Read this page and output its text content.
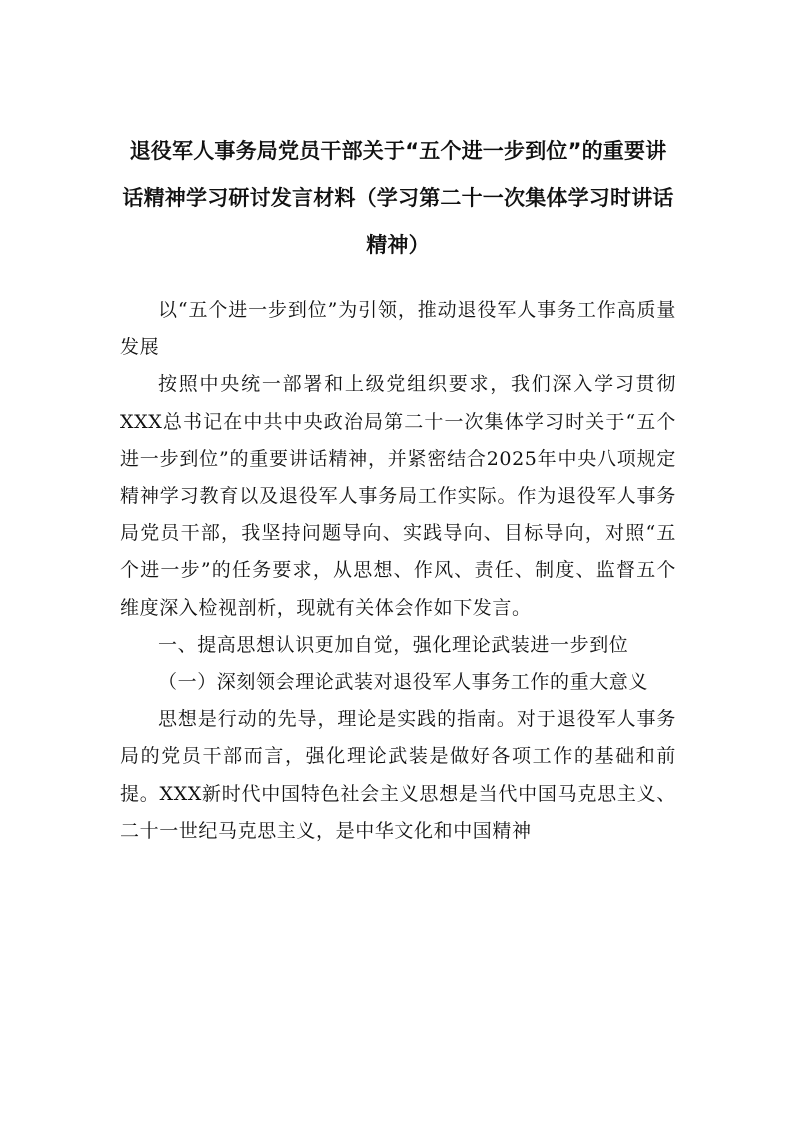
退役军人事务局党员干部关于“五个进一步到位”的重要讲
话精神学习研讨发言材料（学习第二十一次集体学习时讲话
精神）

以“五个进一步到位”为引领，推动退役军人事务工作高质量发展

按照中央统一部署和上级党组织要求，我们深入学习贯彻XXX总书记在中共中央政治局第二十一次集体学习时关于“五个进一步到位”的重要讲话精神，并紧密结合2025年中央八项规定精神学习教育以及退役军人事务局工作实际。作为退役军人事务局党员干部，我坚持问题导向、实践导向、目标导向，对照“五个进一步”的任务要求，从思想、作风、责任、制度、监督五个维度深入检视剖析，现就有关体会作如下发言。

一、提高思想认识更加自觉，强化理论武装进一步到位

（一）深刻领会理论武装对退役军人事务工作的重大意义

思想是行动的先导，理论是实践的指南。对于退役军人事务局的党员干部而言，强化理论武装是做好各项工作的基础和前提。XXX新时代中国特色社会主义思想是当代中国马克思主义、二十一世纪马克思主义，是中华文化和中国精神
